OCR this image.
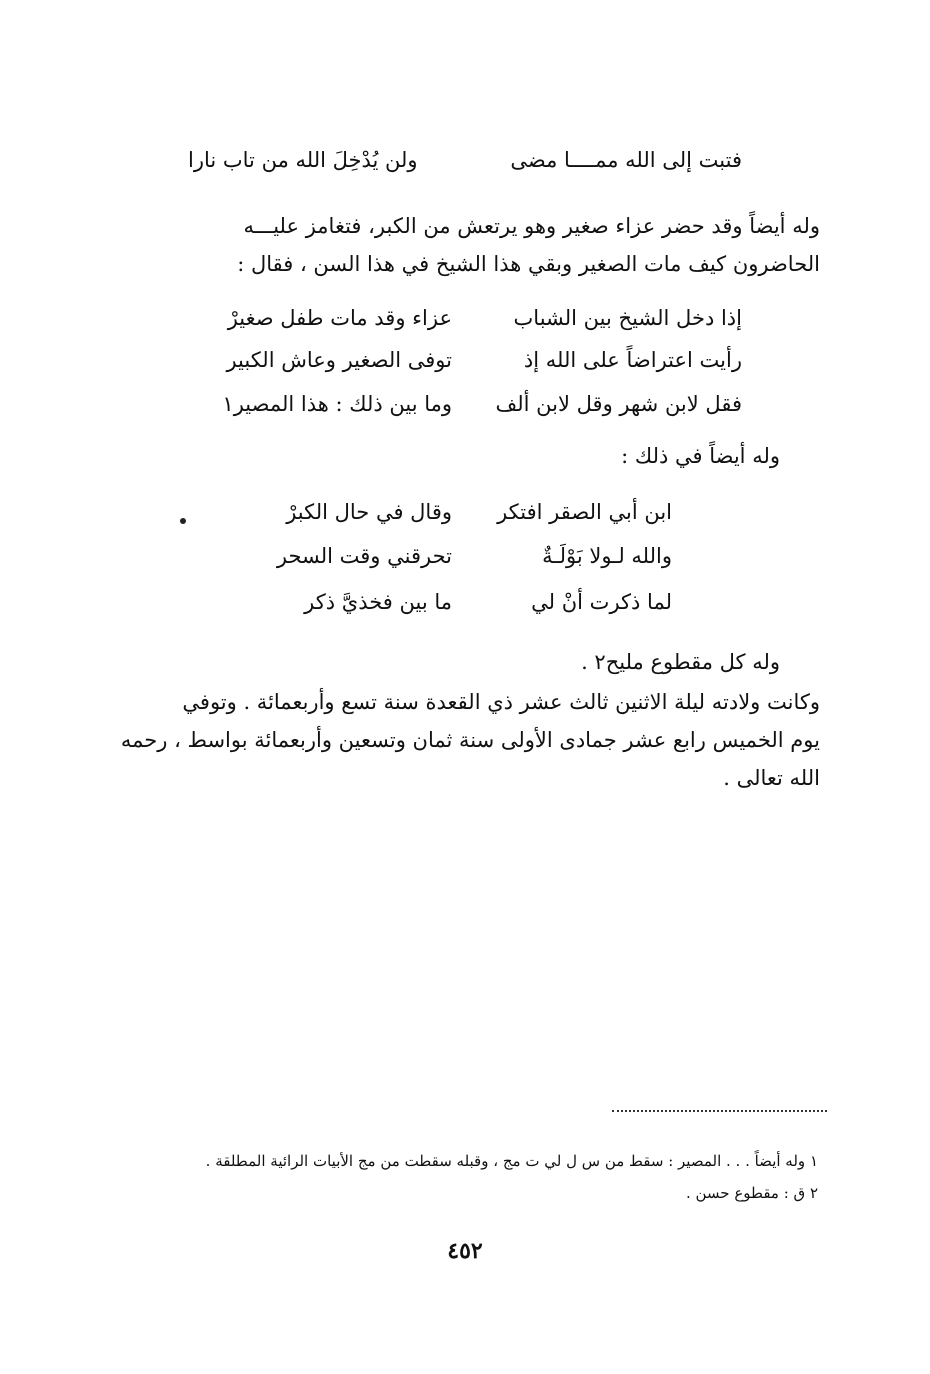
فتبت إلى الله ممــــا مضى
ولن يُدْخِلَ الله من تاب نارا
وله أيضاً وقد حضر عزاء صغير وهو يرتعش من الكبر، فتغامز عليـــه
الحاضرون كيف مات الصغير وبقي هذا الشيخ في هذا السن ، فقال :
إذا دخل الشيخ بين الشباب
عزاء وقد مات طفل صغيرْ
رأيت اعتراضاً على الله إذ
توفى الصغير وعاش الكبير
فقل لابن شهر وقل لابن ألف
وما بين ذلك : هذا المصير١
وله أيضاً في ذلك :
ابن أبي الصقر افتكر
وقال في حال الكبرْ
والله لـولا بَوْلَـةٌ
تحرقني وقت السحر
لما ذكرت أنْ لي
ما بين فخذيَّ ذكر
وله كل مقطوع مليح٢ .
وكانت ولادته ليلة الاثنين ثالث عشر ذي القعدة سنة تسع وأربعمائة . وتوفي
يوم الخميس رابع عشر جمادى الأولى سنة ثمان وتسعين وأربعمائة بواسط ، رحمه
الله تعالى .
١ وله أيضاً . . . المصير : سقط من س ل لي ت مج ، وقبله سقطت من مج الأبيات الرائية المطلقة .
٢ ق : مقطوع حسن .
٤٥٢
